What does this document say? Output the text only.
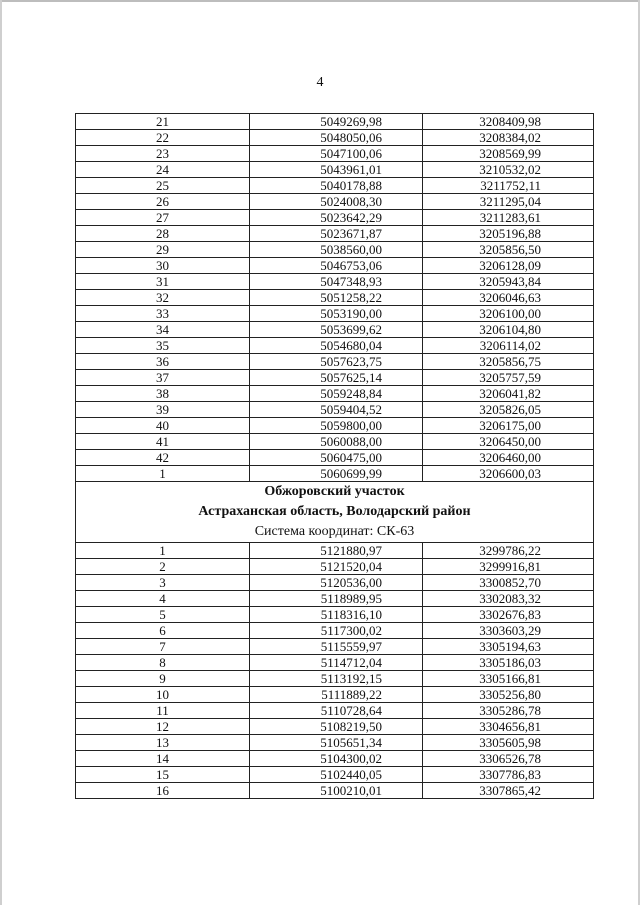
4
21	5049269,98	3208409,98
22	5048050,06	3208384,02
23	5047100,06	3208569,99
24	5043961,01	3210532,02
25	5040178,88	3211752,11
26	5024008,30	3211295,04
27	5023642,29	3211283,61
28	5023671,87	3205196,88
29	5038560,00	3205856,50
30	5046753,06	3206128,09
31	5047348,93	3205943,84
32	5051258,22	3206046,63
33	5053190,00	3206100,00
34	5053699,62	3206104,80
35	5054680,04	3206114,02
36	5057623,75	3205856,75
37	5057625,14	3205757,59
38	5059248,84	3206041,82
39	5059404,52	3205826,05
40	5059800,00	3206175,00
41	5060088,00	3206450,00
42	5060475,00	3206460,00
1	5060699,99	3206600,03

Обжоровский участок
Астраханская область, Володарский район
Система координат: СК-63		

1	5121880,97	3299786,22
2	5121520,04	3299916,81
3	5120536,00	3300852,70
4	5118989,95	3302083,32
5	5118316,10	3302676,83
6	5117300,02	3303603,29
7	5115559,97	3305194,63
8	5114712,04	3305186,03
9	5113192,15	3305166,81
10	5111889,22	3305256,80
11	5110728,64	3305286,78
12	5108219,50	3304656,81
13	5105651,34	3305605,98
14	5104300,02	3306526,78
15	5102440,05	3307786,83
16	5100210,01	3307865,42
